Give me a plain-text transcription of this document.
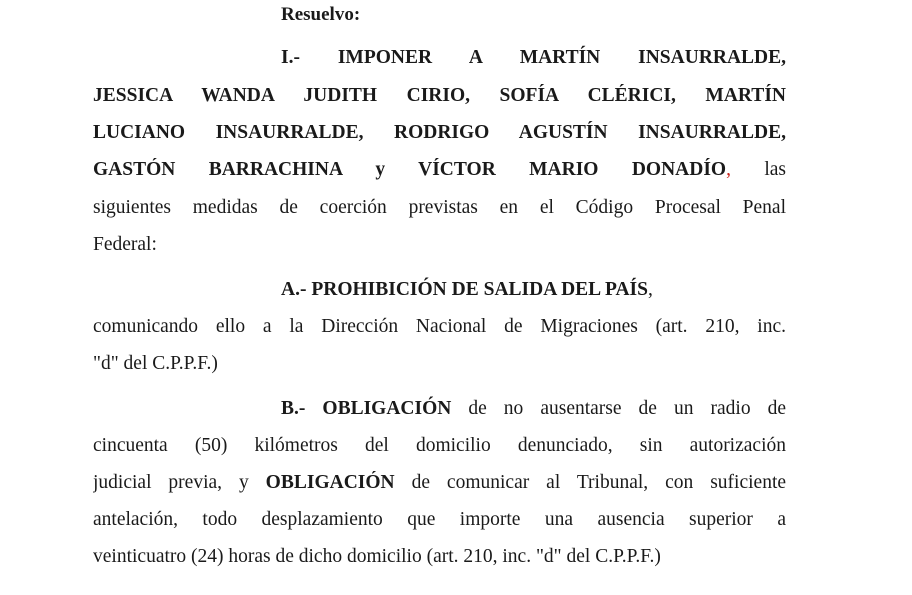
Resuelvo:
I.- IMPONER A MARTÍN INSAURRALDE,
JESSICA WANDA JUDITH CIRIO, SOFÍA CLÉRICI, MARTÍN
LUCIANO INSAURRALDE, RODRIGO AGUSTÍN INSAURRALDE,
GASTÓN BARRACHINA y VÍCTOR MARIO DONADÍO, las
siguientes medidas de coerción previstas en el Código Procesal Penal
Federal:
A.- PROHIBICIÓN DE SALIDA DEL PAÍS,
comunicando ello a la Dirección Nacional de Migraciones (art. 210, inc.
"d" del C.P.P.F.)
B.- OBLIGACIÓN de no ausentarse de un radio de
cincuenta (50) kilómetros del domicilio denunciado, sin autorización
judicial previa, y OBLIGACIÓN de comunicar al Tribunal, con suficiente
antelación, todo desplazamiento que importe una ausencia superior a
veinticuatro (24) horas de dicho domicilio (art. 210, inc. "d" del C.P.P.F.)
